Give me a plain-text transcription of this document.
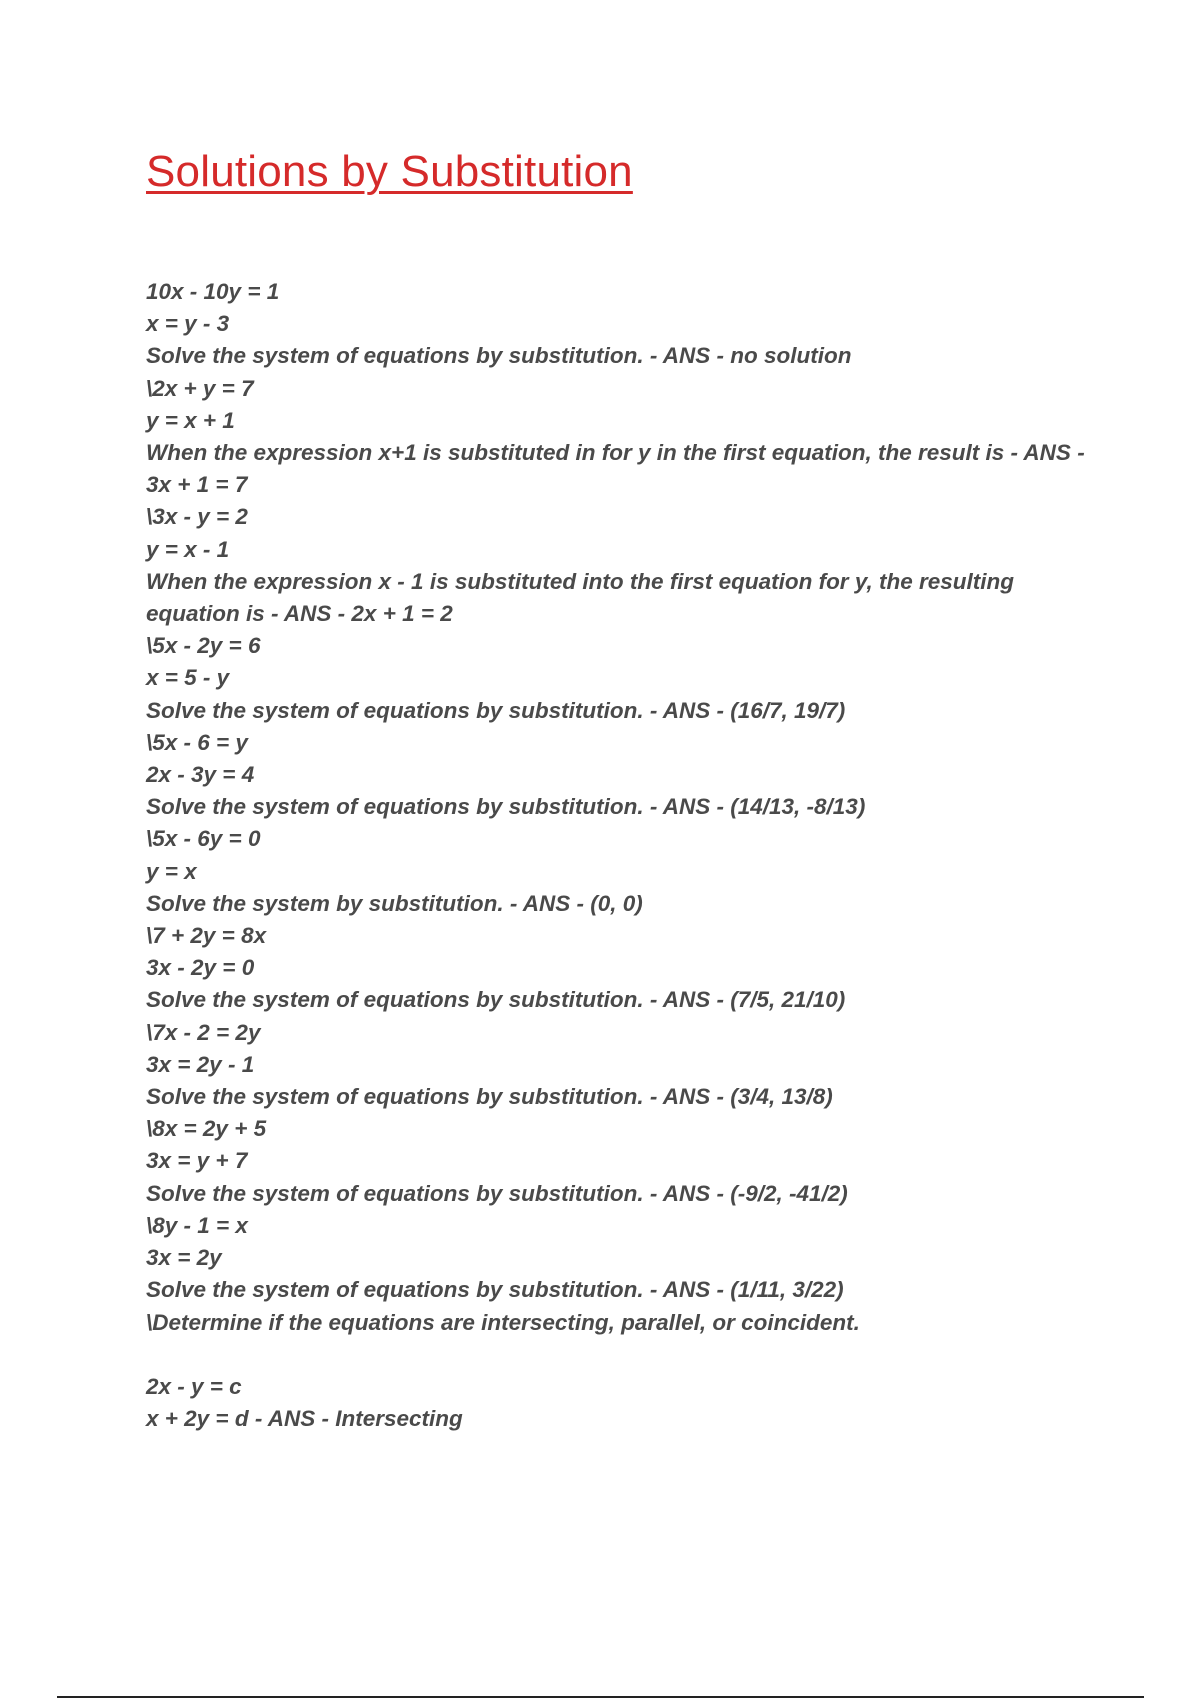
Solutions by Substitution
10x - 10y = 1
x = y - 3
Solve the system of equations by substitution. - ANS - no solution
\2x + y = 7
y = x + 1
When the expression x+1 is substituted in for y in the first equation, the result is - ANS - 3x + 1 = 7
\3x - y = 2
y = x - 1
When the expression x - 1 is substituted into the first equation for y, the resulting equation is - ANS - 2x + 1 = 2
\5x - 2y = 6
x = 5 - y
Solve the system of equations by substitution. - ANS - (16/7, 19/7)
\5x - 6 = y
2x - 3y = 4
Solve the system of equations by substitution. - ANS - (14/13, -8/13)
\5x - 6y = 0
y = x
Solve the system by substitution. - ANS - (0, 0)
\7 + 2y = 8x
3x - 2y = 0
Solve the system of equations by substitution. - ANS - (7/5, 21/10)
\7x - 2 = 2y
3x = 2y - 1
Solve the system of equations by substitution. - ANS - (3/4, 13/8)
\8x = 2y + 5
3x = y + 7
Solve the system of equations by substitution. - ANS - (-9/2, -41/2)
\8y - 1 = x
3x = 2y
Solve the system of equations by substitution. - ANS - (1/11, 3/22)
\Determine if the equations are intersecting, parallel, or coincident.
2x - y = c
x + 2y = d - ANS - Intersecting
